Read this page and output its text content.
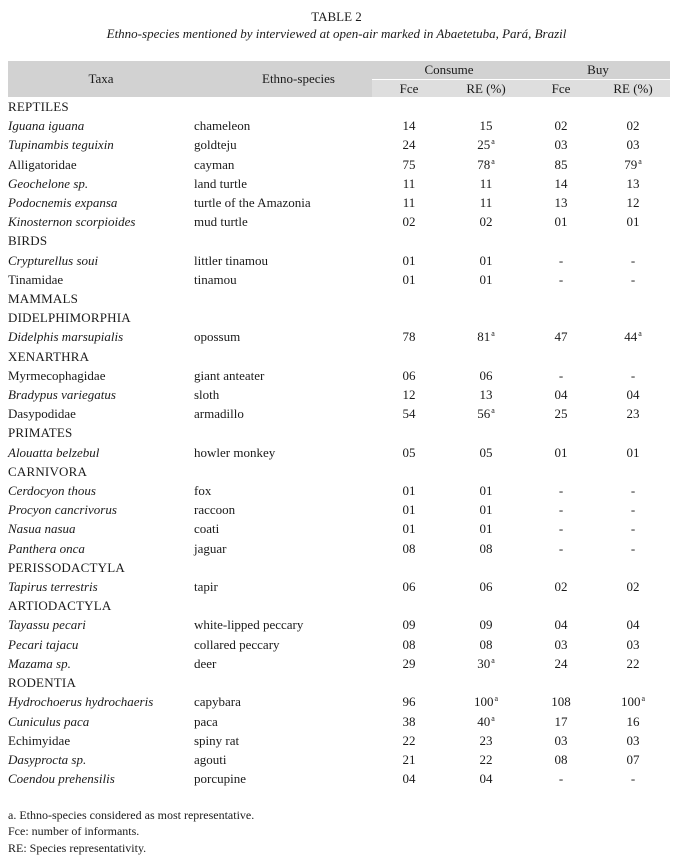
TABLE 2
Ethno-species mentioned by interviewed at open-air marked in Abaetetuba, Pará, Brazil
Taxa	Ethno-species	Consume		Buy	
		Fce	RE (%)	Fce	RE (%)
REPTILES					
Iguana iguana	chameleon	14	15	02	02
Tupinambis teguixin	goldteju	24	25$^a$	03	03
Alligatoridae	cayman	75	78$^a$	85	79$^a$
Geochelone sp.	land turtle	11	11	14	13
Podocnemis expansa	turtle of the Amazonia	11	11	13	12
Kinosternon scorpioides	mud turtle	02	02	01	01
BIRDS					
Crypturellus soui	littler tinamou	01	01	-	-
Tinamidae	tinamou	01	01	-	-
MAMMALS					
DIDELPHIMORPHIA					
Didelphis marsupialis	opossum	78	81$^a$	47	44$^a$
XENARTHRA					
Myrmecophagidae	giant anteater	06	06	-	-
Bradypus variegatus	sloth	12	13	04	04
Dasypodidae	armadillo	54	56$^a$	25	23
PRIMATES					
Alouatta belzebul	howler monkey	05	05	01	01
CARNIVORA					
Cerdocyon thous	fox	01	01	-	-
Procyon cancrivorus	raccoon	01	01	-	-
Nasua nasua	coati	01	01	-	-
Panthera onca	jaguar	08	08	-	-
PERISSODACTYLA					
Tapirus terrestris	tapir	06	06	02	02
ARTIODACTYLA					
Tayassu pecari	white-lipped peccary	09	09	04	04
Pecari tajacu	collared peccary	08	08	03	03
Mazama sp.	deer	29	30$^a$	24	22
RODENTIA					
Hydrochoerus hydrochaeris	capybara	96	100$^a$	108	100$^a$
Cuniculus paca	paca	38	40$^a$	17	16
Echimyidae	spiny rat	22	23	03	03
Dasyprocta sp.	agouti	21	22	08	07
Coendou prehensilis	porcupine	04	04	-	-
a. Ethno-species considered as most representative.
Fce: number of informants.
RE: Species representativity.
